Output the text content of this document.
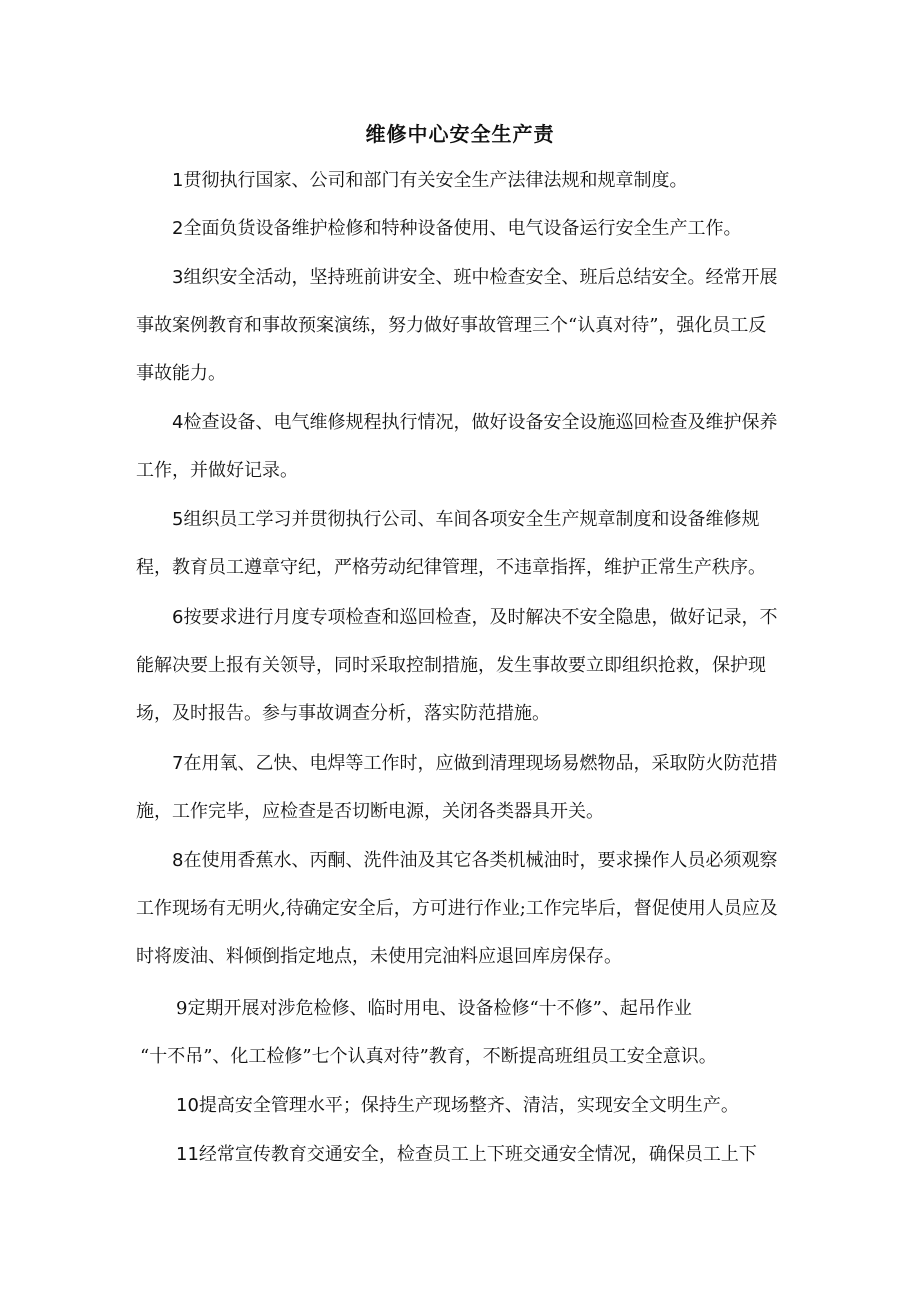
维修中心安全生产责

1贯彻执行国家、公司和部门有关安全生产法律法规和规章制度。

2全面负货设备维护检修和特种设备使用、电气设备运行安全生产工作。

3组织安全活动，坚持班前讲安全、班中检查安全、班后总结安全。经常开展事故案例教育和事故预案演练，努力做好事故管理三个“认真对待”，强化员工反事故能力。

4检查设备、电气维修规程执行情况，做好设备安全设施巡回检查及维护保养工作，并做好记录。

5组织员工学习并贯彻执行公司、车间各项安全生产规章制度和设备维修规程，教育员工遵章守纪，严格劳动纪律管理，不违章指挥，维护正常生产秩序。

6按要求进行月度专项检查和巡回检查，及时解决不安全隐患，做好记录，不能解决要上报有关领导，同时采取控制措施，发生事故要立即组织抢救，保护现场，及时报告。参与事故调查分析，落实防范措施。

7在用氧、乙快、电焊等工作时，应做到清理现场易燃物品，采取防火防范措施，工作完毕，应检查是否切断电源，关闭各类器具开关。

8在使用香蕉水、丙酮、洗件油及其它各类机械油时，要求操作人员必须观察工作现场有无明火,待确定安全后，方可进行作业;工作完毕后，督促使用人员应及时将废油、料倾倒指定地点，未使用完油料应退回库房保存。

9定期开展对涉危检修、临时用电、设备检修“十不修”、起吊作业
“十不吊”、化工检修”七个认真对待”教育，不断提高班组员工安全意识。

10提高安全管理水平；保持生产现场整齐、清洁，实现安全文明生产。

11经常宣传教育交通安全，检查员工上下班交通安全情况，确保员工上下
